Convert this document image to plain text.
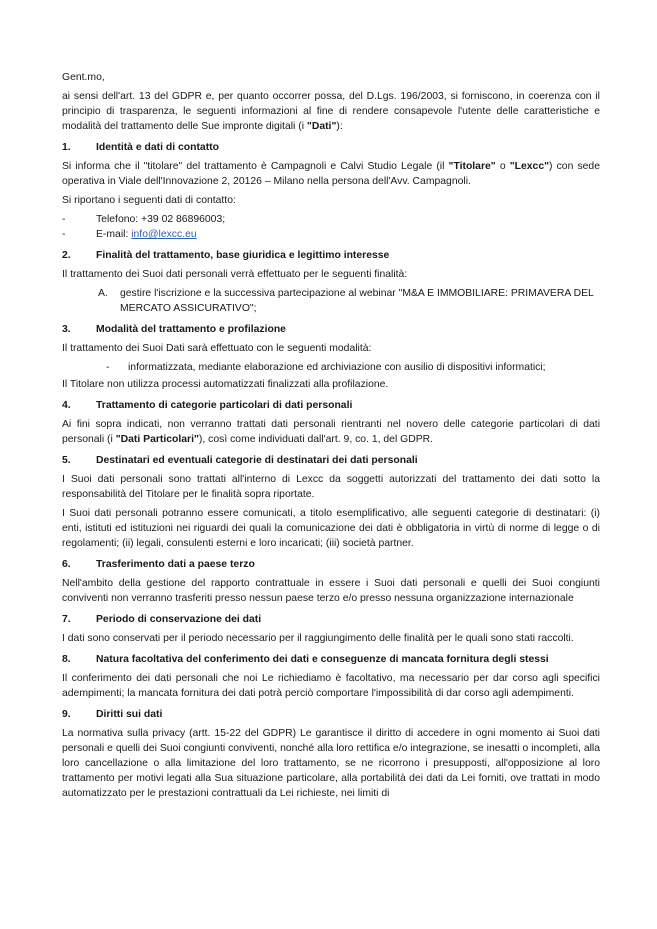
Gent.mo,

ai sensi dell'art. 13 del GDPR e, per quanto occorrer possa, del D.Lgs. 196/2003, si forniscono, in coerenza con il principio di trasparenza, le seguenti informazioni al fine di rendere consapevole l'utente delle caratteristiche e modalità del trattamento delle Sue impronte digitali (i "Dati"):

1.	Identità e dati di contatto

Si informa che il "titolare" del trattamento è Campagnoli e Calvi Studio Legale (il "Titolare" o "Lexcc") con sede operativa in Viale dell'Innovazione 2, 20126 – Milano nella persona dell'Avv. Campagnoli.

Si riportano i seguenti dati di contatto:

-	Telefono: +39 02 86896003;
-	E-mail: info@lexcc.eu
2.	Finalità del trattamento, base giuridica e legittimo interesse

Il trattamento dei Suoi dati personali verrà effettuato per le seguenti finalità:

A.	gestire l'iscrizione e la successiva partecipazione al webinar "M&A E IMMOBILIARE: PRIMAVERA DEL MERCATO ASSICURATIVO";
3.	Modalità del trattamento e profilazione

Il trattamento dei Suoi Dati sarà effettuato con le seguenti modalità:

-	informatizzata, mediante elaborazione ed archiviazione con ausilio di dispositivi informatici;

Il Titolare non utilizza processi automatizzati finalizzati alla profilazione.

4.	Trattamento di categorie particolari di dati personali

Ai fini sopra indicati, non verranno trattati dati personali rientranti nel novero delle categorie particolari di dati personali (i "Dati Particolari"), così come individuati dall'art. 9, co. 1, del GDPR.

5.	Destinatari ed eventuali categorie di destinatari dei dati personali

I Suoi dati personali sono trattati all'interno di Lexcc da soggetti autorizzati del trattamento dei dati sotto la responsabilità del Titolare per le finalità sopra riportate.

I Suoi dati personali potranno essere comunicati, a titolo esemplificativo, alle seguenti categorie di destinatari: (i) enti, istituti ed istituzioni nei riguardi dei quali la comunicazione dei dati è obbligatoria in virtù di norme di legge o di regolamenti; (ii) legali, consulenti esterni e loro incaricati; (iii) società partner.

6.	Trasferimento dati a paese terzo

Nell'ambito della gestione del rapporto contrattuale in essere i Suoi dati personali e quelli dei Suoi congiunti conviventi non verranno trasferiti presso nessun paese terzo e/o presso nessuna organizzazione internazionale

7.	Periodo di conservazione dei dati

I dati sono conservati per il periodo necessario per il raggiungimento delle finalità per le quali sono stati raccolti.

8.	Natura facoltativa del conferimento dei dati e conseguenze di mancata fornitura degli stessi

Il conferimento dei dati personali che noi Le richiediamo è facoltativo, ma necessario per dar corso agli specifici adempimenti; la mancata fornitura dei dati potrà perciò comportare l'impossibilità di dar corso agli adempimenti.

9.	Diritti sui dati

La normativa sulla privacy (artt. 15-22 del GDPR) Le garantisce il diritto di accedere in ogni momento ai Suoi dati personali e quelli dei Suoi congiunti conviventi, nonché alla loro rettifica e/o integrazione, se inesatti o incompleti, alla loro cancellazione o alla limitazione del loro trattamento, se ne ricorrono i presupposti, all'opposizione al loro trattamento per motivi legati alla Sua situazione particolare, alla portabilità dei dati da Lei forniti, ove trattati in modo automatizzato per le prestazioni contrattuali da Lei richieste, nei limiti di
